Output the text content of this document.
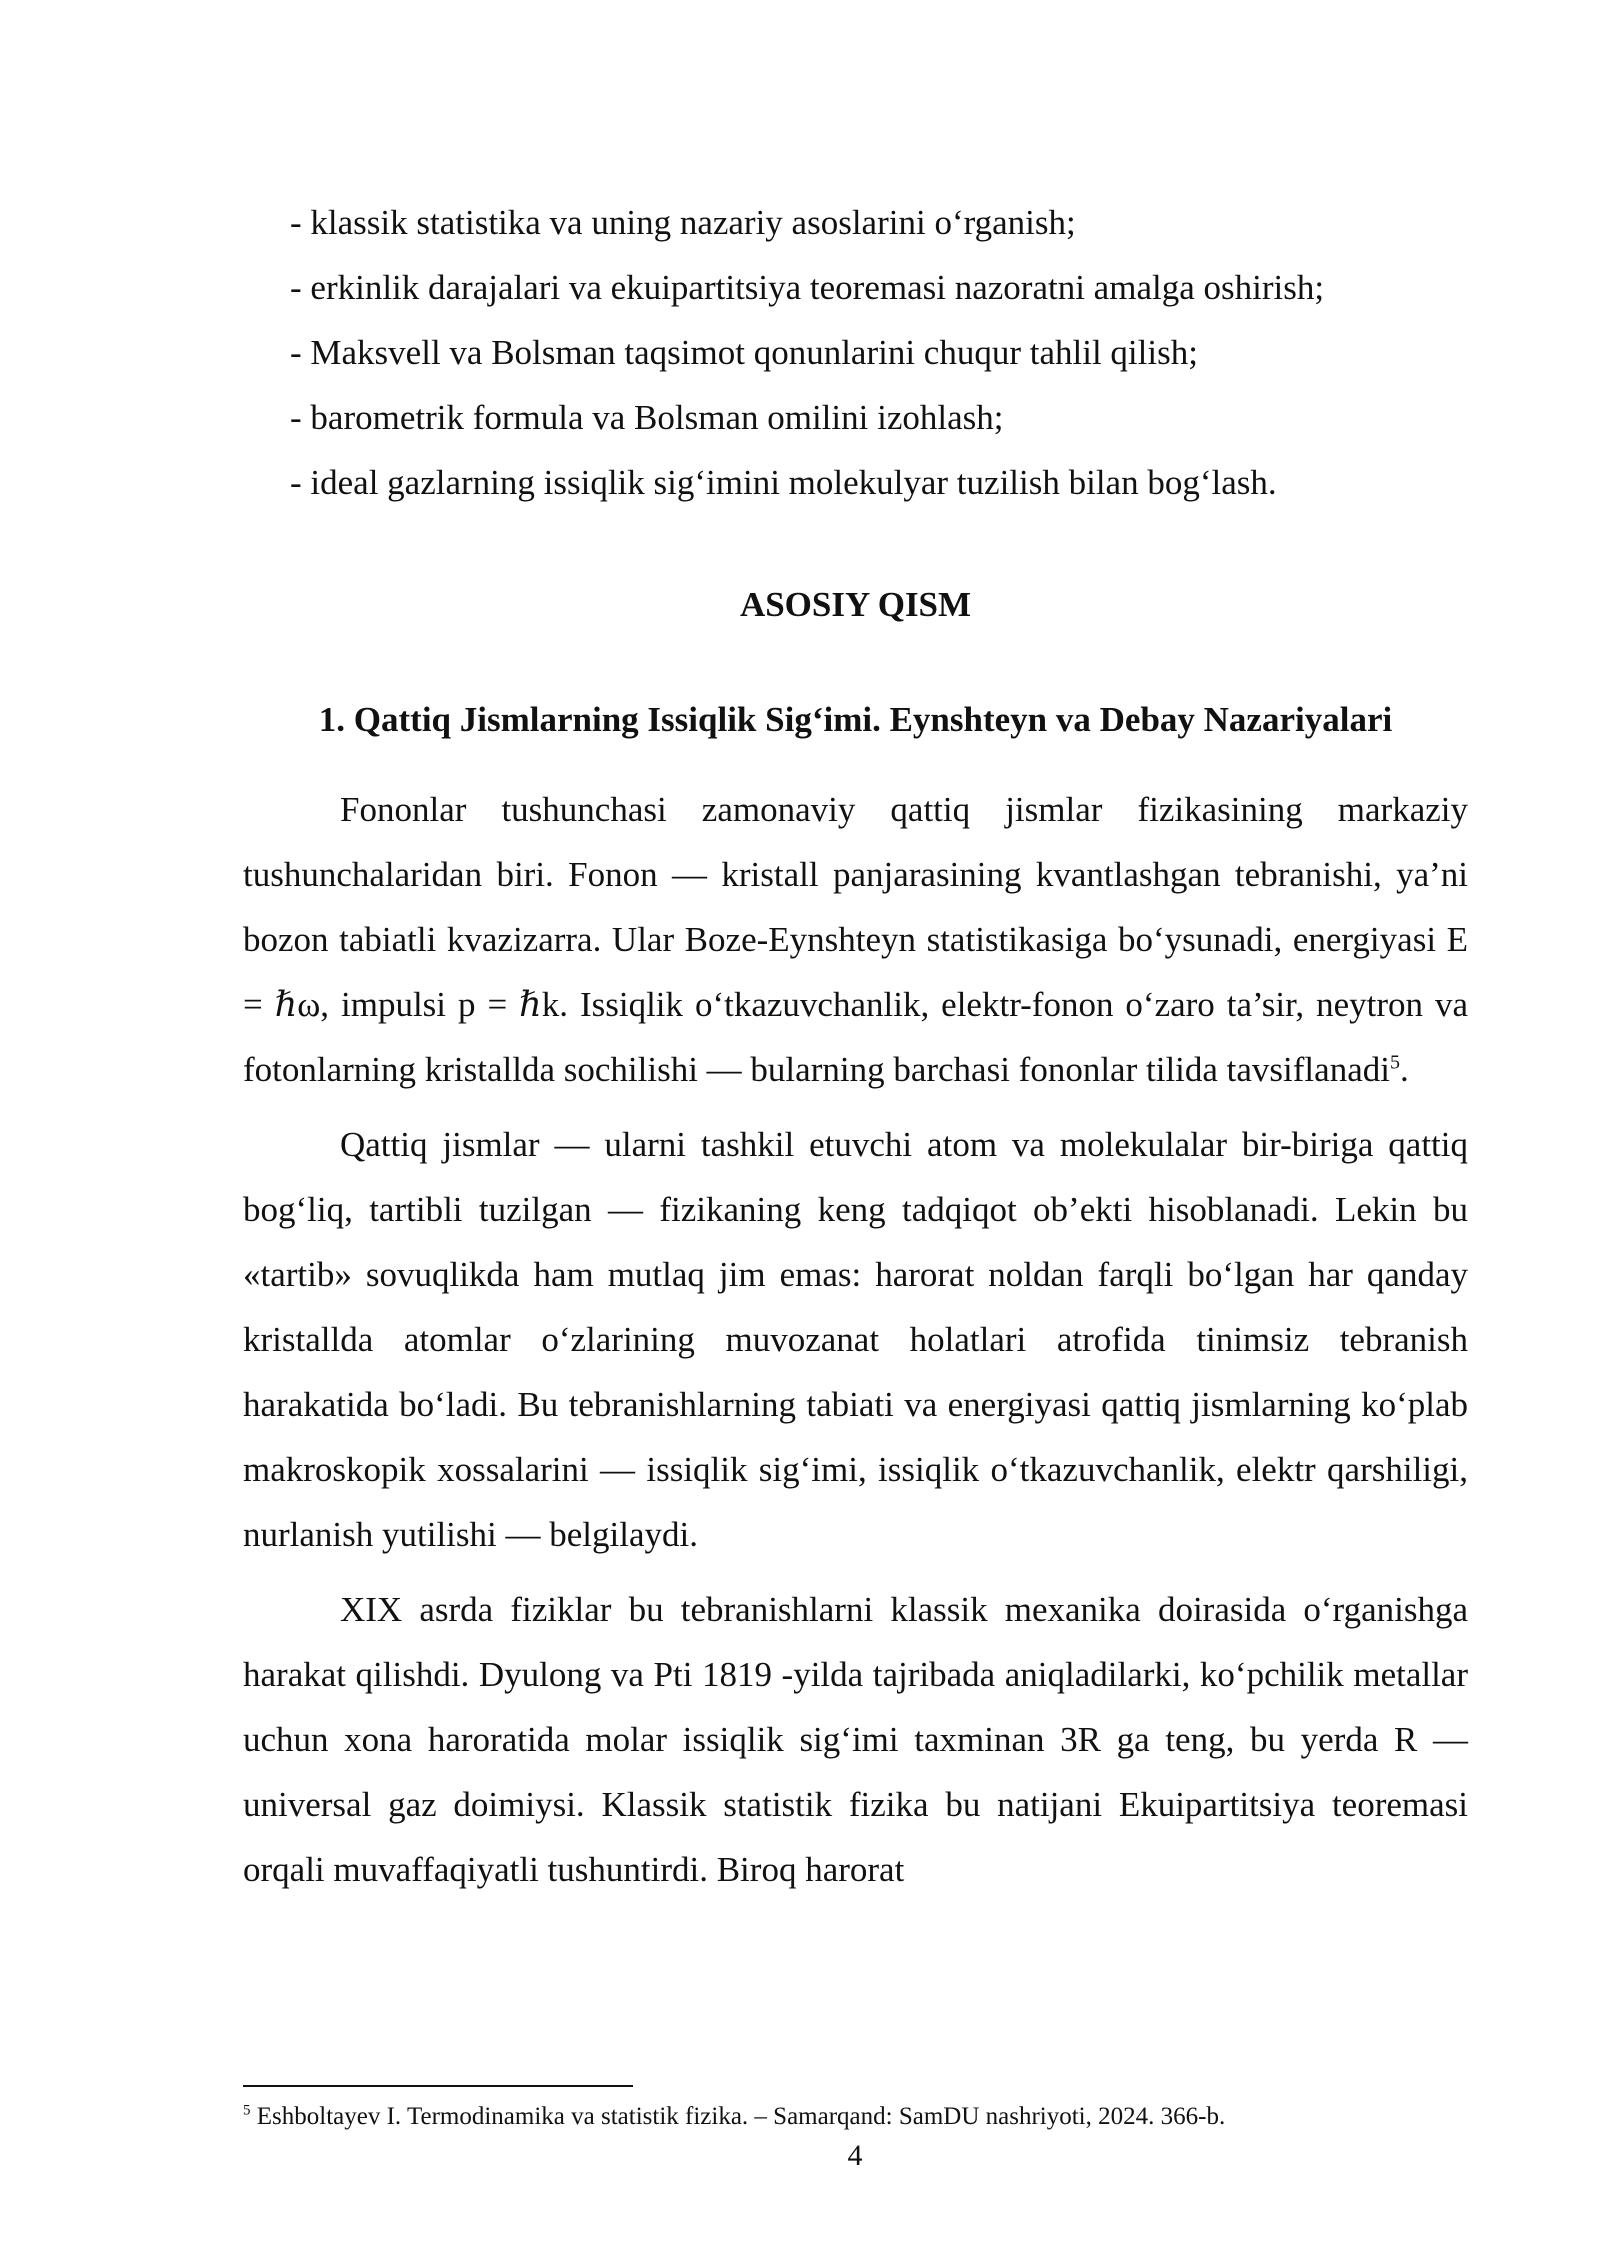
- klassik statistika va uning nazariy asoslarini o‘rganish;
- erkinlik darajalari va ekuipartitsiya teoremasi nazoratni amalga oshirish;
- Maksvell va Bolsman taqsimot qonunlarini chuqur tahlil qilish;
- barometrik formula va Bolsman omilini izohlash;
- ideal gazlarning issiqlik sig‘imini molekulyar tuzilish bilan bog‘lash.
ASOSIY QISM
1. Qattiq Jismlarning Issiqlik Sig‘imi. Eynshteyn va Debay Nazariyalari

Fononlar tushunchasi zamonaviy qattiq jismlar fizikasining markaziy tushunchalaridan biri. Fonon — kristall panjarasining kvantlashgan tebranishi, ya’ni bozon tabiatli kvazizarra. Ular Boze-Eynshteyn statistikasiga bo‘ysunadi, energiyasi E = ℏω, impulsi p = ℏk. Issiqlik o‘tkazuvchanlik, elektr-fonon o‘zaro ta’sir, neytron va fotonlarning kristallda sochilishi — bularning barchasi fononlar tilida tavsiflanadi$^5$.

Qattiq jismlar — ularni tashkil etuvchi atom va molekulalar bir-biriga qattiq bog‘liq, tartibli tuzilgan — fizikaning keng tadqiqot ob’ekti hisoblanadi. Lekin bu «tartib» sovuqlikda ham mutlaq jim emas: harorat noldan farqli bo‘lgan har qanday kristallda atomlar o‘zlarining muvozanat holatlari atrofida tinimsiz tebranish harakatida bo‘ladi. Bu tebranishlarning tabiati va energiyasi qattiq jismlarning ko‘plab makroskopik xossalarini — issiqlik sig‘imi, issiqlik o‘tkazuvchanlik, elektr qarshiligi, nurlanish yutilishi — belgilaydi.

XIX asrda fiziklar bu tebranishlarni klassik mexanika doirasida o‘rganishga harakat qilishdi. Dyulong va Pti 1819 -yilda tajribada aniqladilarki, ko‘pchilik metallar uchun xona haroratida molar issiqlik sig‘imi taxminan 3R ga teng, bu yerda R — universal gaz doimiysi. Klassik statistik fizika bu natijani Ekuipartitsiya teoremasi orqali muvaffaqiyatli tushuntirdi. Biroq harorat

$^5$ Eshboltayev I. Termodinamika va statistik fizika. – Samarqand: SamDU nashriyoti, 2024. 366-b.
4
